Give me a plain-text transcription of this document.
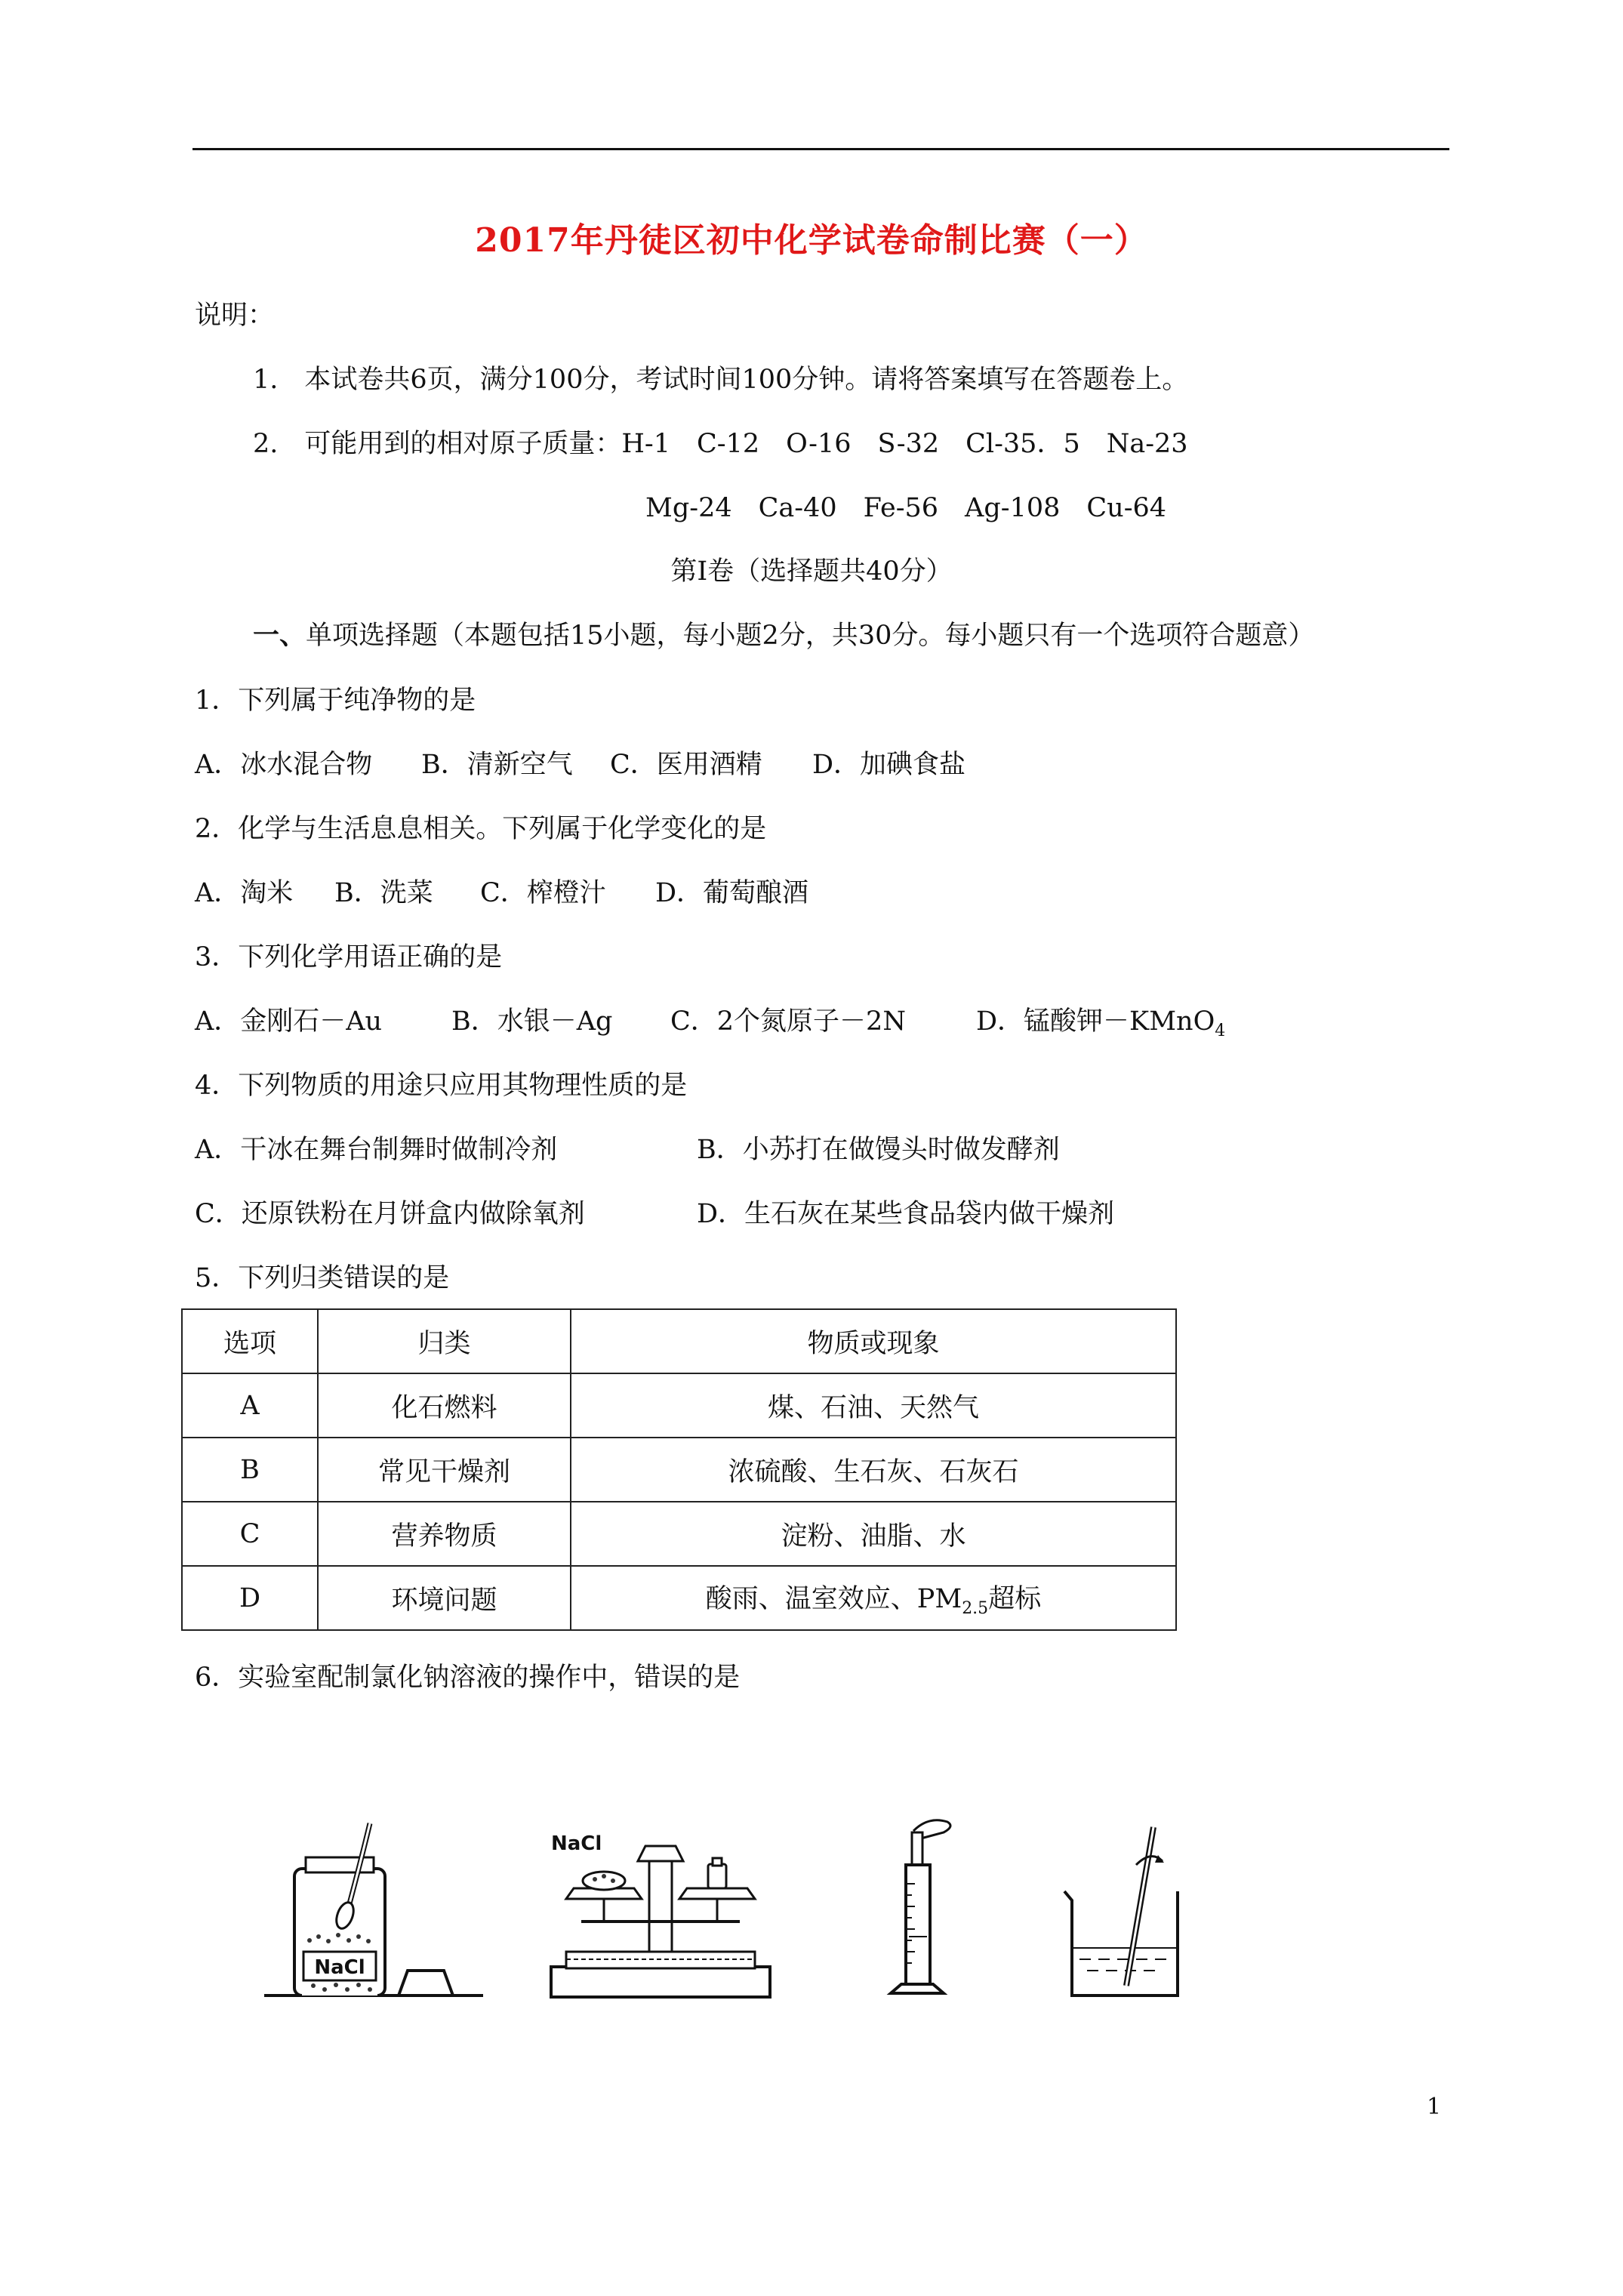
2017年丹徒区初中化学试卷命制比赛（一）
说明：
1.　本试卷共6页，满分100分，考试时间100分钟。请将答案填写在答题卷上。
2.　可能用到的相对原子质量：H-1　C-12　O-16　S-32　Cl-35．5　Na-23
Mg-24　Ca-40　Fe-56　Ag-108　Cu-64
第Ⅰ卷（选择题共40分）
一、单项选择题（本题包括15小题，每小题2分，共30分。每小题只有一个选项符合题意）
1．下列属于纯净物的是
A．冰水混合物 B．清新空气 C．医用酒精 D．加碘食盐
2．化学与生活息息相关。下列属于化学变化的是
A．淘米 B．洗菜 C．榨橙汁 D．葡萄酿酒
3．下列化学用语正确的是
A．金刚石－Au	B．水银－Ag C．2个氮原子－2N	D．锰酸钾－KMnO$_4$
4．下列物质的用途只应用其物理性质的是
A．干冰在舞台制舞时做制冷剂	B．小苏打在做馒头时做发酵剂
C．还原铁粉在月饼盒内做除氧剂	D．生石灰在某些食品袋内做干燥剂
5．下列归类错误的是
选项	归类	物质或现象
A	化石燃料	煤、石油、天然气
B	常见干燥剂	浓硫酸、生石灰、石灰石
C	营养物质	淀粉、油脂、水
D	环境问题	酸雨、温室效应、$PM_{2.5}$超标
6．实验室配制氯化钠溶液的操作中，错误的是
NaCl
NaCl
1
